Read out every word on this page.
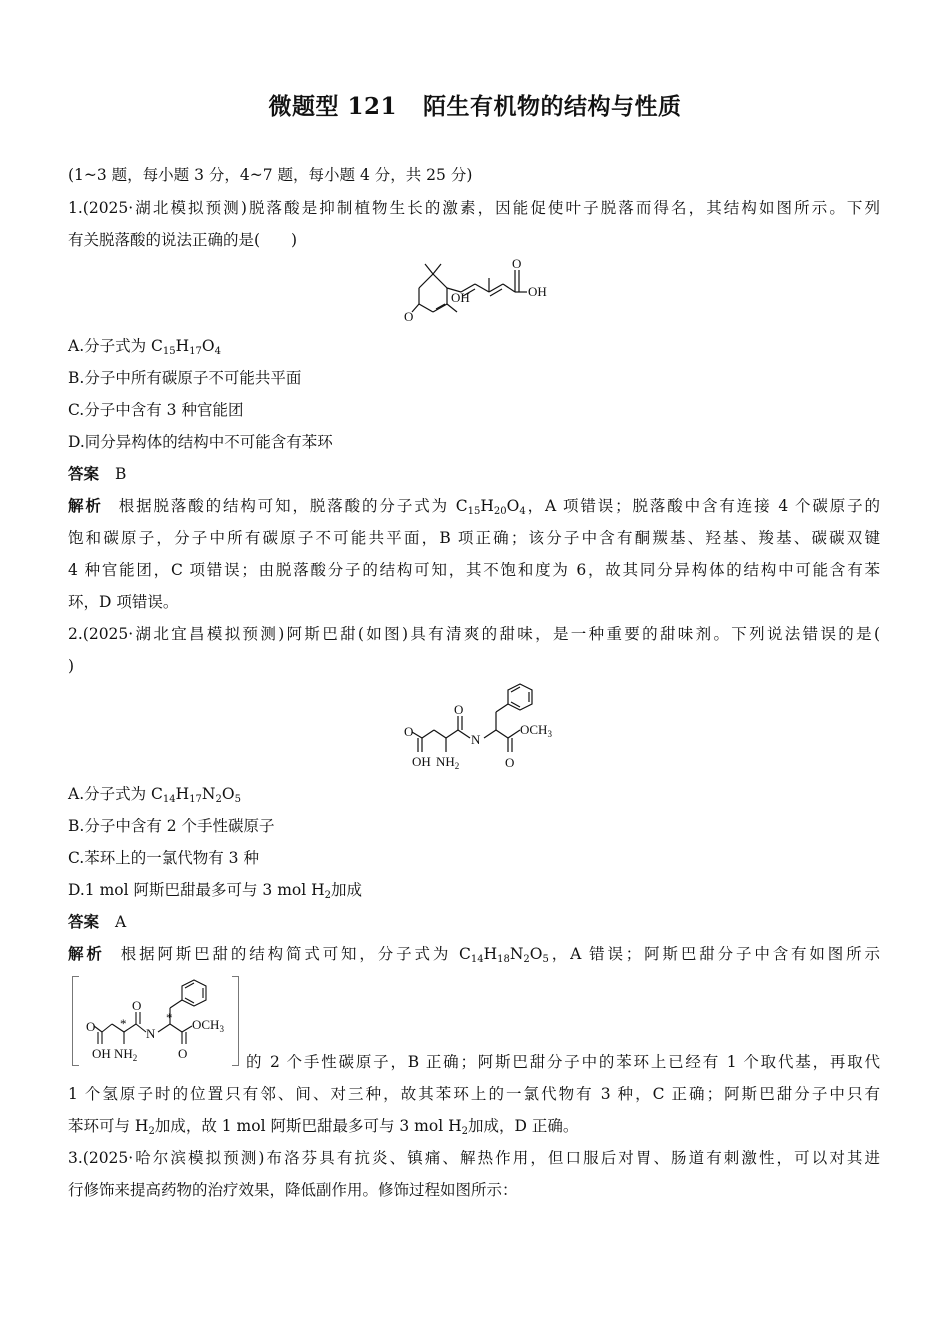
微题型 121 陌生有机物的结构与性质
(1~3 题，每小题 3 分，4~7 题，每小题 4 分，共 25 分)
1.(2025·湖北模拟预测)脱落酸是抑制植物生长的激素，因能促使叶子脱落而得名，其结构如图所示。下列
有关脱落酸的说法正确的是(　　)
O
OH
O
OH
A.分子式为 $C_{15}H_{17}O_4$
B.分子中所有碳原子不可能共平面
C.分子中含有 3 种官能团
D.同分异构体的结构中不可能含有苯环
答案 B
解析 根据脱落酸的结构可知，脱落酸的分子式为 $C_{15}H_{20}O_4$，A 项错误；脱落酸中含有连接 4 个碳原子的
饱和碳原子，分子中所有碳原子不可能共平面，B 项正确；该分子中含有酮羰基、羟基、羧基、碳碳双键
4 种官能团，C 项错误；由脱落酸分子的结构可知，其不饱和度为 6，故其同分异构体的结构中可能含有苯
环，D 项错误。
2.(2025·湖北宜昌模拟预测)阿斯巴甜(如图)具有清爽的甜味，是一种重要的甜味剂。下列说法错误的是(
)
O
OH $NH_2$
O
N
$OCH_3$
O
A.分子式为 $C_{14}H_{17}N_2O_5$
B.分子中含有 2 个手性碳原子
C.苯环上的一氯代物有 3 种
D.1 mol 阿斯巴甜最多可与 3 mol $H_2$加成
答案 A
解析 根据阿斯巴甜的结构简式可知，分子式为 $C_{14}H_{18}N_2O_5$，A 错误；阿斯巴甜分子中含有如图所示
O
OH $NH_2$
*
O
N
* $OCH_3$
O	的 2 个手性碳原子，B 正确；阿斯巴甜分子中的苯环上已经有 1 个取代基，再取代
1 个氢原子时的位置只有邻、间、对三种，故其苯环上的一氯代物有 3 种，C 正确；阿斯巴甜分子中只有
苯环可与 $H_2$加成，故 1 mol 阿斯巴甜最多可与 3 mol $H_2$加成，D 正确。
3.(2025·哈尔滨模拟预测)布洛芬具有抗炎、镇痛、解热作用，但口服后对胃、肠道有刺激性，可以对其进
行修饰来提高药物的治疗效果，降低副作用。修饰过程如图所示：
